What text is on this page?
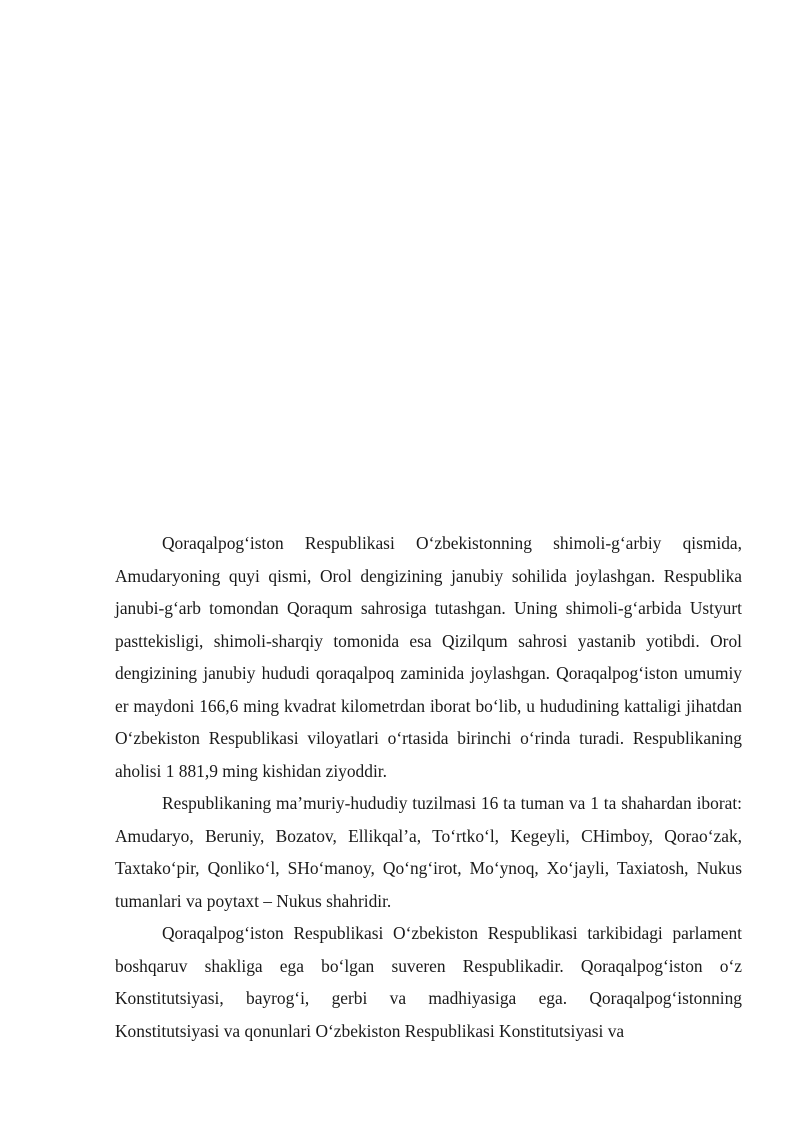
Qoraqalpog‘iston Respublikasi O‘zbekistonning shimoli-g‘arbiy qismida, Amudaryoning quyi qismi, Orol dengizining janubiy sohilida joylashgan. Respublika janubi-g‘arb tomondan Qoraqum sahrosiga tutashgan. Uning shimoli-g‘arbida Ustyurt pasttekisligi, shimoli-sharqiy tomonida esa Qizilqum sahrosi yastanib yotibdi. Orol dengizining janubiy hududi qoraqalpoq zaminida joylashgan. Qoraqalpog‘iston umumiy er maydoni 166,6 ming kvadrat kilometrdan iborat bo‘lib, u hududining kattaligi jihatdan O‘zbekiston Respublikasi viloyatlari o‘rtasida birinchi o‘rinda turadi. Respublikaning aholisi 1 881,9 ming kishidan ziyoddir.

Respublikaning ma’muriy-hududiy tuzilmasi 16 ta tuman va 1 ta shahardan iborat: Amudaryo, Beruniy, Bozatov, Ellikqal’a, To‘rtko‘l, Kegeyli, CHimboy, Qorao‘zak, Taxtako‘pir, Qonliko‘l, SHo‘manoy, Qo‘ng‘irot, Mo‘ynoq, Xo‘jayli, Taxiatosh, Nukus tumanlari va poytaxt – Nukus shahridir.

Qoraqalpog‘iston Respublikasi O‘zbekiston Respublikasi tarkibidagi parlament boshqaruv shakliga ega bo‘lgan suveren Respublikadir. Qoraqalpog‘iston o‘z Konstitutsiyasi, bayrog‘i, gerbi va madhiyasiga ega. Qoraqalpog‘istonning Konstitutsiyasi va qonunlari O‘zbekiston Respublikasi Konstitutsiyasi va
